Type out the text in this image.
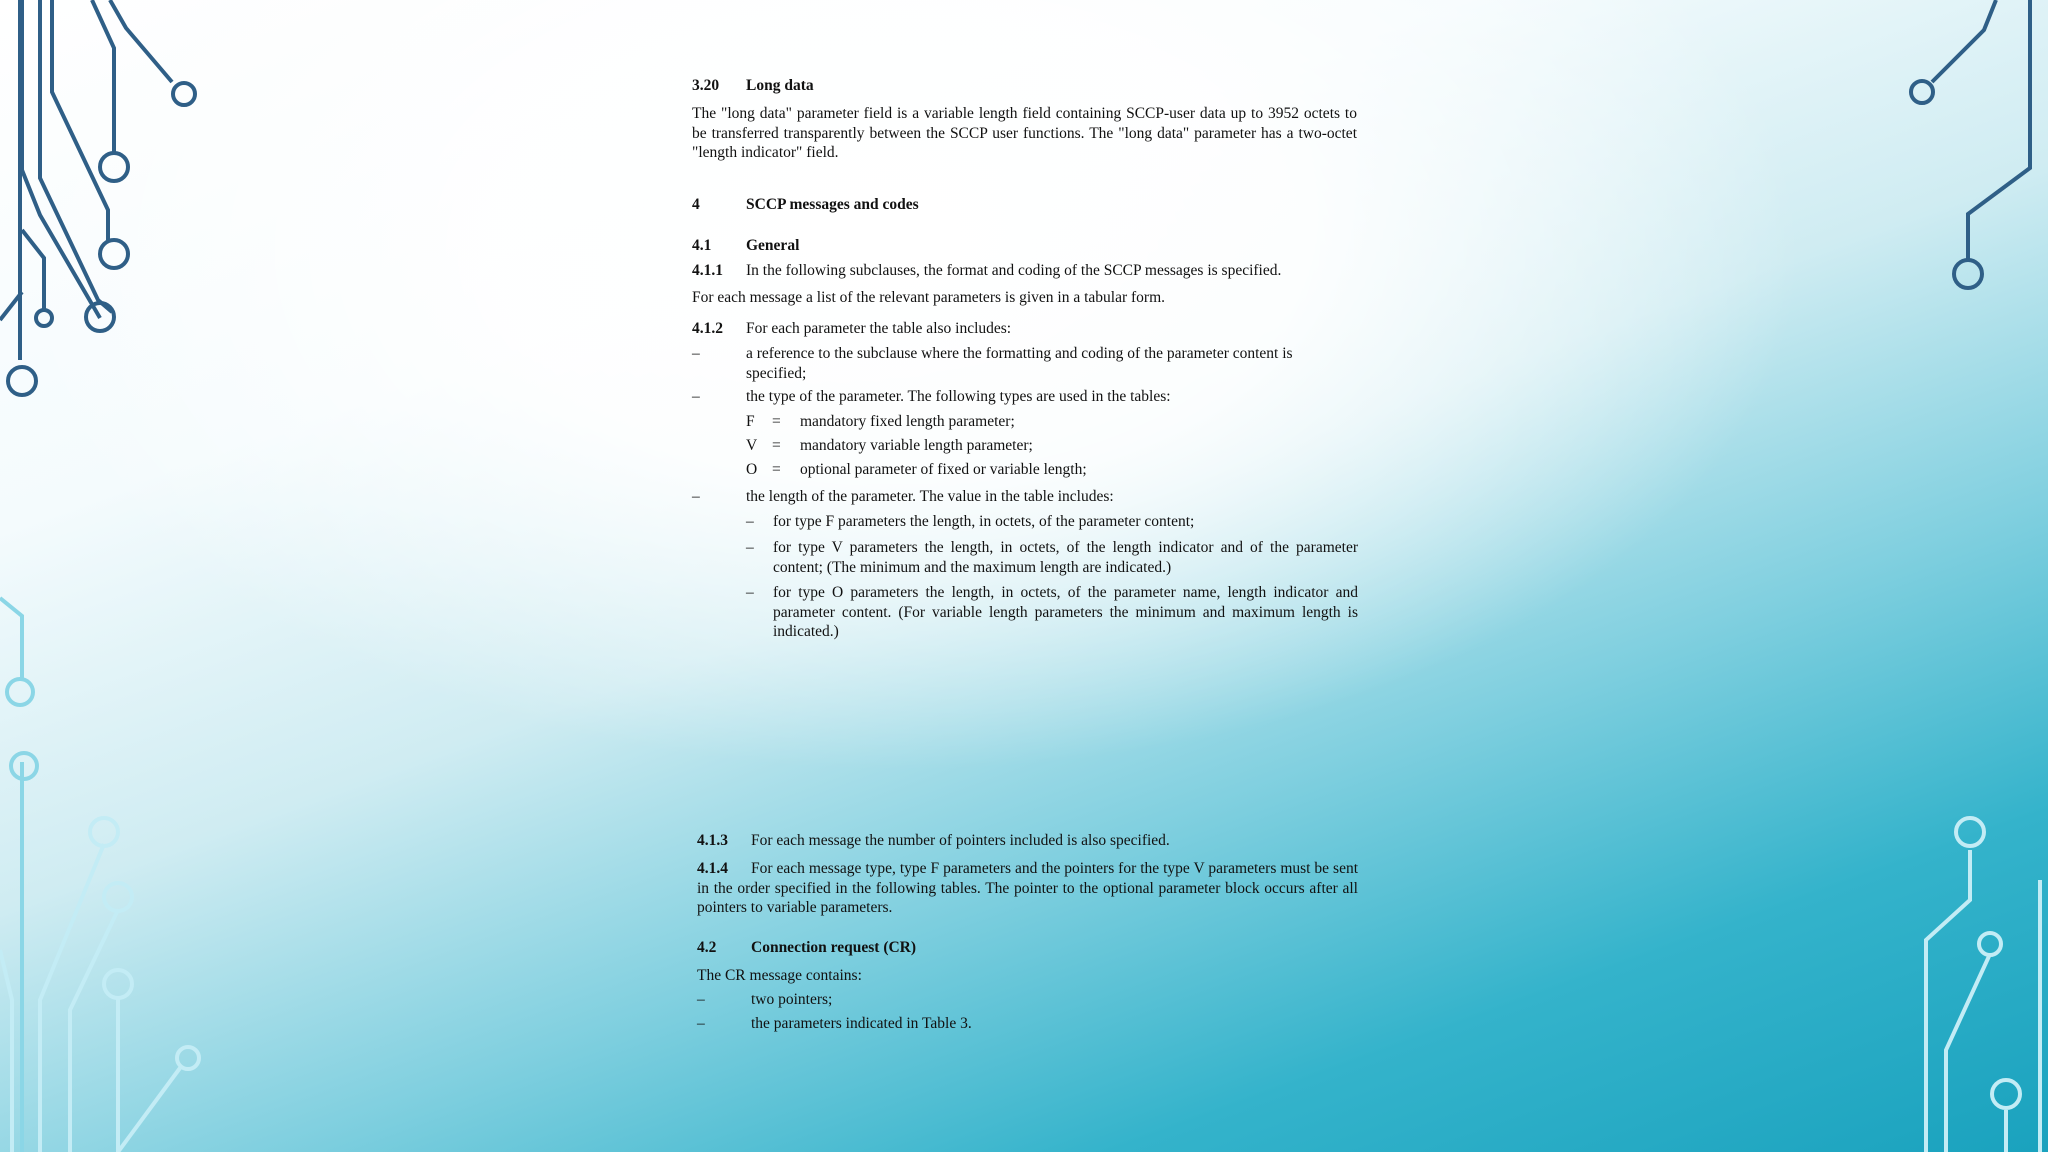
3.20 Long data
The "long data" parameter field is a variable length field containing SCCP-user data up to 3952 octets to be transferred transparently between the SCCP user functions. The "long data" parameter has a two-octet "length indicator" field.
4	SCCP messages and codes
4.1 General
4.1.1 In the following subclauses, the format and coding of the SCCP messages is specified.
For each message a list of the relevant parameters is given in a tabular form.
4.1.2 For each parameter the table also includes:
–	a reference to the subclause where the formatting and coding of the parameter content is specified;
–	the type of the parameter. The following types are used in the tables:
F = mandatory fixed length parameter;
V = mandatory variable length parameter;
O = optional parameter of fixed or variable length;
–	the length of the parameter. The value in the table includes:
– for type F parameters the length, in octets, of the parameter content;
– for type V parameters the length, in octets, of the length indicator and of the parameter content; (The minimum and the maximum length are indicated.)
– for type O parameters the length, in octets, of the parameter name, length indicator and parameter content. (For variable length parameters the minimum and maximum length is indicated.)
4.1.3 For each message the number of pointers included is also specified.
4.1.4	For each message type, type F parameters and the pointers for the type V parameters must be sent in the order specified in the following tables. The pointer to the optional parameter block occurs after all pointers to variable parameters.
4.2 Connection request (CR)
The CR message contains:
–	two pointers;
–	the parameters indicated in Table 3.
